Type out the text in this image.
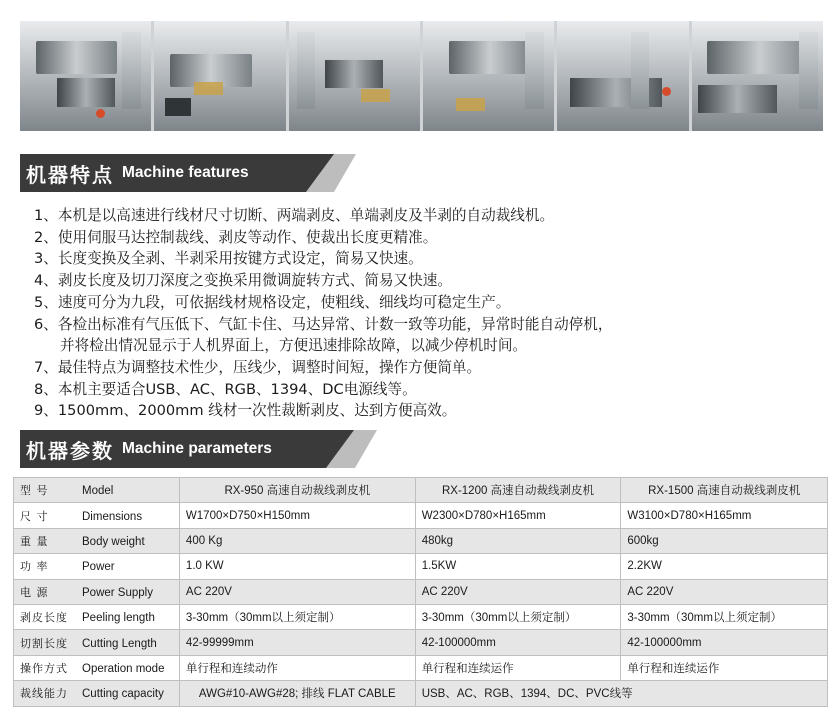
机器特点 Machine features
1、本机是以高速进行线材尺寸切断、两端剥皮、单端剥皮及半剥的自动裁线机。
2、使用伺服马达控制裁线、剥皮等动作、使裁出长度更精准。
3、长度变换及全剥、半剥采用按键方式设定，简易又快速。
4、剥皮长度及切刀深度之变换采用微调旋转方式、简易又快速。
5、速度可分为九段，可依据线材规格设定，使粗线、细线均可稳定生产。
6、各检出标准有气压低下、气缸卡住、马达异常、计数一致等功能，异常时能自动停机，
并将检出情况显示于人机界面上，方便迅速排除故障，以减少停机时间。
7、最佳特点为调整技术性少，压线少，调整时间短，操作方便简单。
8、本机主要适合USB、AC、RGB、1394、DC电源线等。
9、1500mm、2000mm 线材一次性裁断剥皮、达到方便高效。
机器参数 Machine parameters
型 号 Model	RX-950 高速自动裁线剥皮机	RX-1200 高速自动裁线剥皮机	RX-1500 高速自动裁线剥皮机
尺 寸 Dimensions	W1700×D750×H150mm	W2300×D780×H165mm	W3100×D780×H165mm
重 量 Body weight	400 Kg	480kg	600kg
功 率 Power	1.0 KW	1.5KW	2.2KW
电 源 Power Supply	AC 220V	AC 220V	AC 220V
剥皮长度 Peeling length	3-30mm（30mm以上须定制）	3-30mm（30mm以上须定制）	3-30mm（30mm以上须定制）
切割长度 Cutting Length	42-99999mm	42-100000mm	42-100000mm
操作方式 Operation mode	单行程和连续动作	单行程和连续运作	单行程和连续运作
裁线能力 Cutting capacity	AWG#10-AWG#28; 排线 FLAT CABLE	USB、AC、RGB、1394、DC、PVC线等	
